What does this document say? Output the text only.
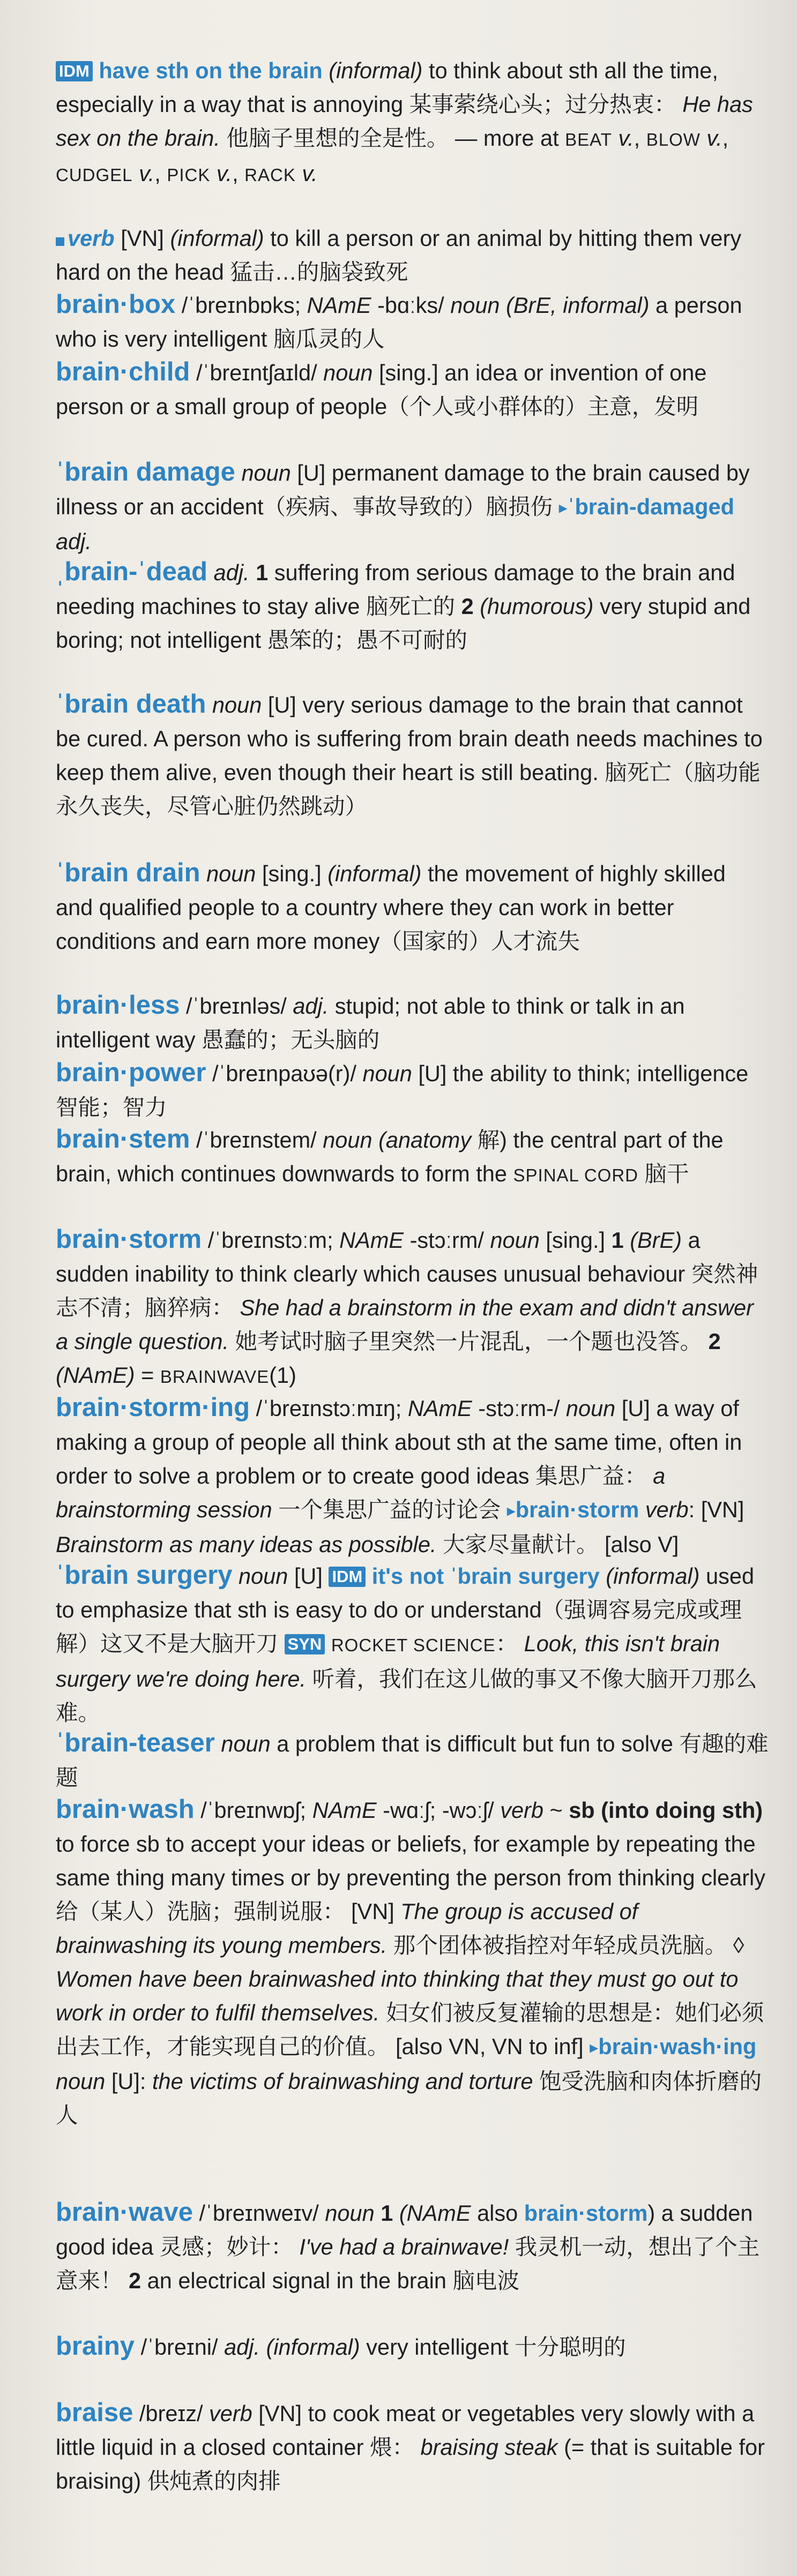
IDM have sth on the brain (informal) to think about sth all the time, especially in a way that is annoying 某事萦绕心头；过分热衷： He has sex on the brain. 他脑子里想的全是性。 — more at BEAT v., BLOW v., CUDGEL v., PICK v., RACK v.
verb [VN] (informal) to kill a person or an animal by hitting them very hard on the head 猛击…的脑袋致死
brain·box /ˈbreɪnbɒks; NAmE -bɑːks/ noun (BrE, informal) a person who is very intelligent 脑瓜灵的人
brain·child /ˈbreɪntʃaɪld/ noun [sing.] an idea or invention of one person or a small group of people（个人或小群体的）主意，发明
ˈbrain damage noun [U] permanent damage to the brain caused by illness or an accident（疾病、事故导致的）脑损伤 ▸ˈbrain-damaged adj.
ˌbrain-ˈdead adj. 1 suffering from serious damage to the brain and needing machines to stay alive 脑死亡的 2 (humorous) very stupid and boring; not intelligent 愚笨的；愚不可耐的
ˈbrain death noun [U] very serious damage to the brain that cannot be cured. A person who is suffering from brain death needs machines to keep them alive, even though their heart is still beating. 脑死亡（脑功能永久丧失，尽管心脏仍然跳动）
ˈbrain drain noun [sing.] (informal) the movement of highly skilled and qualified people to a country where they can work in better conditions and earn more money（国家的）人才流失
brain·less /ˈbreɪnləs/ adj. stupid; not able to think or talk in an intelligent way 愚蠢的；无头脑的
brain·power /ˈbreɪnpaʊə(r)/ noun [U] the ability to think; intelligence 智能；智力
brain·stem /ˈbreɪnstem/ noun (anatomy 解) the central part of the brain, which continues downwards to form the SPINAL CORD 脑干
brain·storm /ˈbreɪnstɔːm; NAmE -stɔːrm/ noun [sing.] 1 (BrE) a sudden inability to think clearly which causes unusual behaviour 突然神志不清；脑猝病： She had a brainstorm in the exam and didn't answer a single question. 她考试时脑子里突然一片混乱，一个题也没答。 2 (NAmE) = BRAINWAVE(1)
brain·storm·ing /ˈbreɪnstɔːmɪŋ; NAmE -stɔːrm-/ noun [U] a way of making a group of people all think about sth at the same time, often in order to solve a problem or to create good ideas 集思广益： a brainstorming session 一个集思广益的讨论会 ▸brain·storm verb: [VN] Brainstorm as many ideas as possible. 大家尽量献计。 [also V]
ˈbrain surgery noun [U] IDM it's not ˈbrain surgery (informal) used to emphasize that sth is easy to do or understand（强调容易完成或理解）这又不是大脑开刀 SYN ROCKET SCIENCE： Look, this isn't brain surgery we're doing here. 听着，我们在这儿做的事又不像大脑开刀那么难。
ˈbrain-teaser noun a problem that is difficult but fun to solve 有趣的难题
brain·wash /ˈbreɪnwɒʃ; NAmE -wɑːʃ; -wɔːʃ/ verb ~ sb (into doing sth) to force sb to accept your ideas or beliefs, for example by repeating the same thing many times or by preventing the person from thinking clearly 给（某人）洗脑；强制说服： [VN] The group is accused of brainwashing its young members. 那个团体被指控对年轻成员洗脑。 ◊ Women have been brainwashed into thinking that they must go out to work in order to fulfil themselves. 妇女们被反复灌输的思想是：她们必须出去工作，才能实现自己的价值。 [also VN, VN to inf] ▸brain·wash·ing noun [U]: the victims of brainwashing and torture 饱受洗脑和肉体折磨的人
brain·wave /ˈbreɪnweɪv/ noun 1 (NAmE also brain·storm) a sudden good idea 灵感；妙计： I've had a brainwave! 我灵机一动，想出了个主意来！ 2 an electrical signal in the brain 脑电波
brainy /ˈbreɪni/ adj. (informal) very intelligent 十分聪明的
braise /breɪz/ verb [VN] to cook meat or vegetables very slowly with a little liquid in a closed container 煨： braising steak (= that is suitable for braising) 供炖煮的肉排
